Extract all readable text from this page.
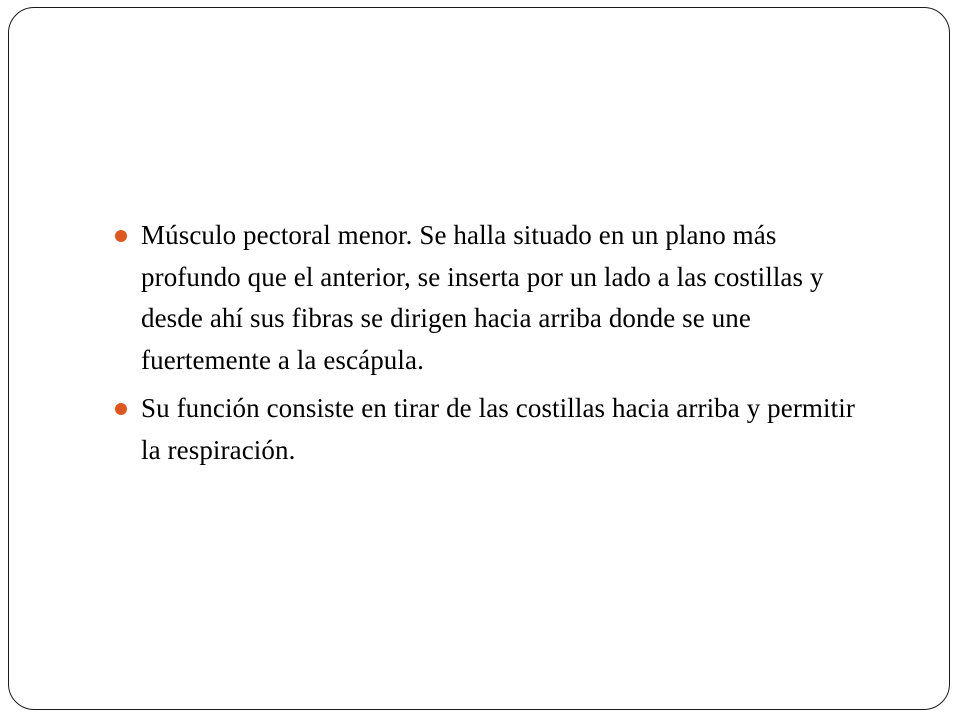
Músculo pectoral menor. Se halla situado en un plano más profundo que el anterior, se inserta por un lado a las costillas y desde ahí sus fibras se dirigen hacia arriba donde se une fuertemente a la escápula.
Su función consiste en tirar de las costillas hacia arriba y permitir la respiración.
